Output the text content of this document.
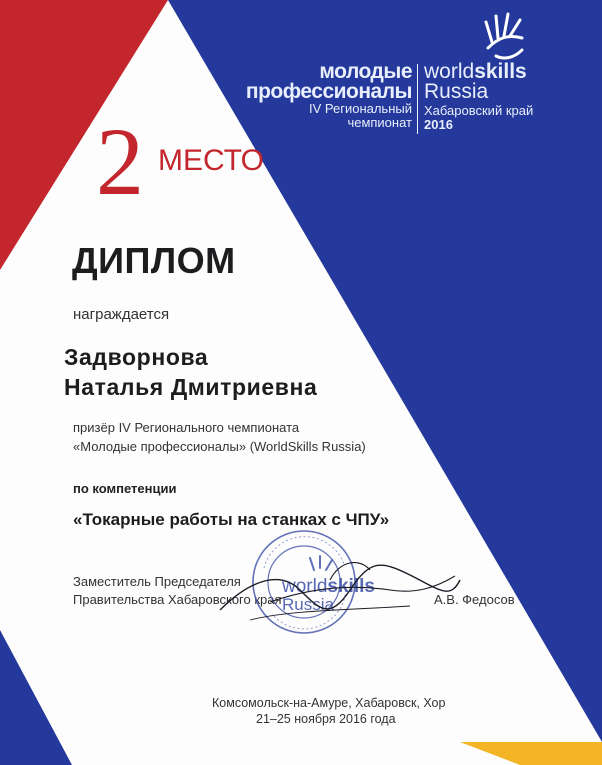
молодые
профессионалы
IV Региональный
чемпионат
worldskills
Russia
Хабаровский край
2016
2 МЕСТО
ДИПЛОМ
награждается
Задворнова
Наталья Дмитриевна
призёр IV Регионального чемпионата
«Молодые профессионалы» (WorldSkills Russia)
по компетенции
«Токарные работы на станках с ЧПУ»
Заместитель Председателя
Правительства Хабаровского края	А.В. Федосов
worldskills
Russia
Комсомольск-на-Амуре, Хабаровск, Хор
21–25 ноября 2016 года
